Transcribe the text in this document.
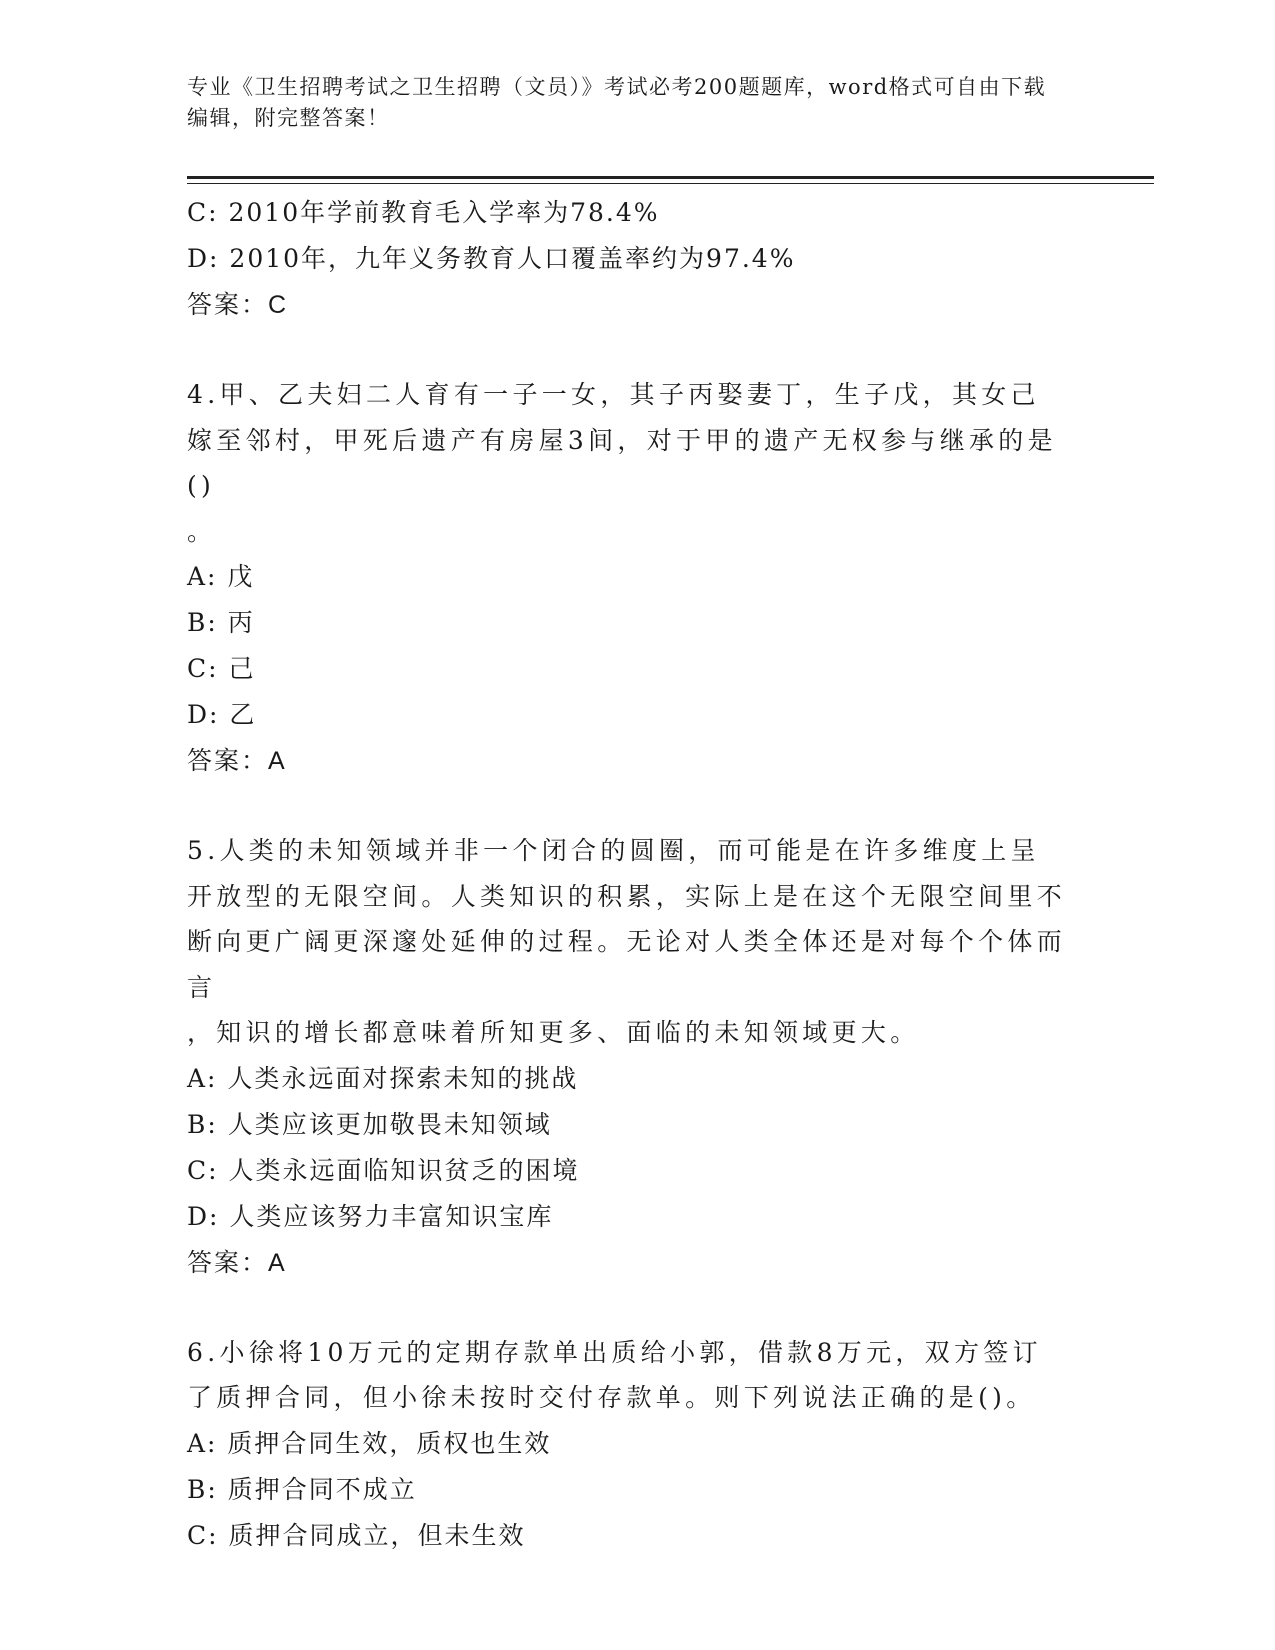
专业《卫生招聘考试之卫生招聘（文员）》考试必考200题题库，word格式可自由下载编辑，附完整答案！
C: 2010年学前教育毛入学率为78.4%
D: 2010年，九年义务教育人口覆盖率约为97.4%
答案：C
4.甲、乙夫妇二人育有一子一女，其子丙娶妻丁，生子戊，其女己嫁至邻村，甲死后遗产有房屋3间，对于甲的遗产无权参与继承的是()
。
A: 戊
B: 丙
C: 己
D: 乙
答案：A
5.人类的未知领域并非一个闭合的圆圈，而可能是在许多维度上呈开放型的无限空间。人类知识的积累，实际上是在这个无限空间里不断向更广阔更深邃处延伸的过程。无论对人类全体还是对每个个体而言
，知识的增长都意味着所知更多、面临的未知领域更大。
A: 人类永远面对探索未知的挑战
B: 人类应该更加敬畏未知领域
C: 人类永远面临知识贫乏的困境
D: 人类应该努力丰富知识宝库
答案：A
6.小徐将10万元的定期存款单出质给小郭，借款8万元，双方签订了质押合同，但小徐未按时交付存款单。则下列说法正确的是()。
A: 质押合同生效，质权也生效
B: 质押合同不成立
C: 质押合同成立，但未生效
